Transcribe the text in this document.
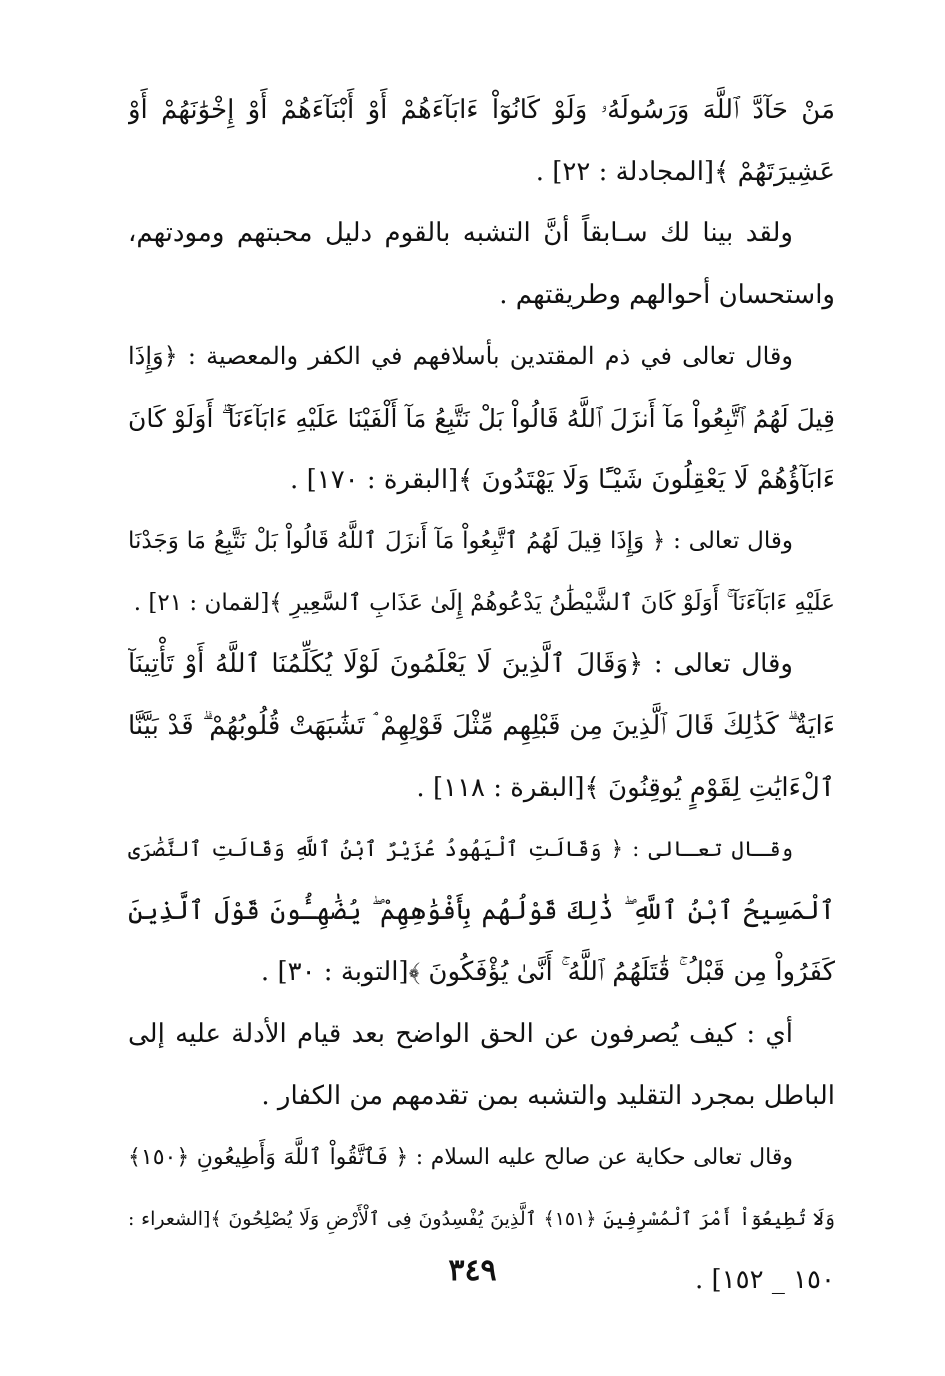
مَنْ حَآدَّ ٱللَّهَ وَرَسُولَهُۥ وَلَوْ كَانُوٓاْ ءَابَآءَهُمْ أَوْ أَبْنَآءَهُمْ أَوْ إِخْوَٰنَهُمْ أَوْ
عَشِيرَتَهُمْ ﴾[المجادلة : ٢٢] .
ولقد بينا لك سـابقاً أنَّ التشبه بالقوم دليل محبتهم ومودتهم،
واستحسان أحوالهم وطريقتهم .
وقال تعالى في ذم المقتدين بأسلافهم في الكفر والمعصية : ﴿وَإِذَا
قِيلَ لَهُمُ ٱتَّبِعُواْ مَآ أَنزَلَ ٱللَّهُ قَالُواْ بَلْ نَتَّبِعُ مَآ أَلْفَيْنَا عَلَيْهِ ءَابَآءَنَآ ۗ أَوَلَوْ كَانَ
ءَابَآؤُهُمْ لَا يَعْقِلُونَ شَيْـًٔا وَلَا يَهْتَدُونَ ﴾[البقرة : ١٧٠] .
وقال تعالى : ﴿ وَإِذَا قِيلَ لَهُمُ ٱتَّبِعُواْ مَآ أَنزَلَ ٱللَّهُ قَالُواْ بَلْ نَتَّبِعُ مَا وَجَدْنَا
عَلَيْهِ ءَابَآءَنَآ ۚ أَوَلَوْ كَانَ ٱلشَّيْطَٰنُ يَدْعُوهُمْ إِلَىٰ عَذَابِ ٱلسَّعِيرِ ﴾[لقمان : ٢١] .
وقال تعالى : ﴿وَقَالَ ٱلَّذِينَ لَا يَعْلَمُونَ لَوْلَا يُكَلِّمُنَا ٱللَّهُ أَوْ تَأْتِينَآ
ءَايَةٌ ۗ كَذَٰلِكَ قَالَ ٱلَّذِينَ مِن قَبْلِهِم مِّثْلَ قَوْلِهِمْ ۘ تَشَٰبَهَتْ قُلُوبُهُمْ ۗ قَدْ بَيَّنَّا
ٱلْءَايَٰتِ لِقَوْمٍ يُوقِنُونَ ﴾[البقرة : ١١٨] .
وقـال تعـالى : ﴿ وَقَالَتِ ٱلْيَهُودُ عُزَيْرٌ ٱبْنُ ٱللَّهِ وَقَالَتِ ٱلنَّصَٰرَى
ٱلْمَسِيحُ ٱبْنُ ٱللَّهِ ۖ ذَٰلِكَ قَوْلُهُم بِأَفْوَٰهِهِمْ ۖ يُضَٰهِـُٔونَ قَوْلَ ٱلَّذِينَ
كَفَرُواْ مِن قَبْلُ ۚ قَٰتَلَهُمُ ٱللَّهُ ۚ أَنَّىٰ يُؤْفَكُونَ ﴾[التوبة : ٣٠] .
أي : كيف يُصرفون عن الحق الواضح بعد قيام الأدلة عليه إلى
الباطل بمجرد التقليد والتشبه بمن تقدمهم من الكفار .
وقال تعالى حكاية عن صالح عليه السلام : ﴿ فَٱتَّقُواْ ٱللَّهَ وَأَطِيعُونِ ﴿١٥٠﴾
وَلَا تُطِيعُوٓاْ أَمْرَ ٱلْمُسْرِفِينَ ﴿١٥١﴾ ٱلَّذِينَ يُفْسِدُونَ فِى ٱلْأَرْضِ وَلَا يُصْلِحُونَ ﴾[الشعراء :
١٥٠ _ ١٥٢] .
٣٤٩
